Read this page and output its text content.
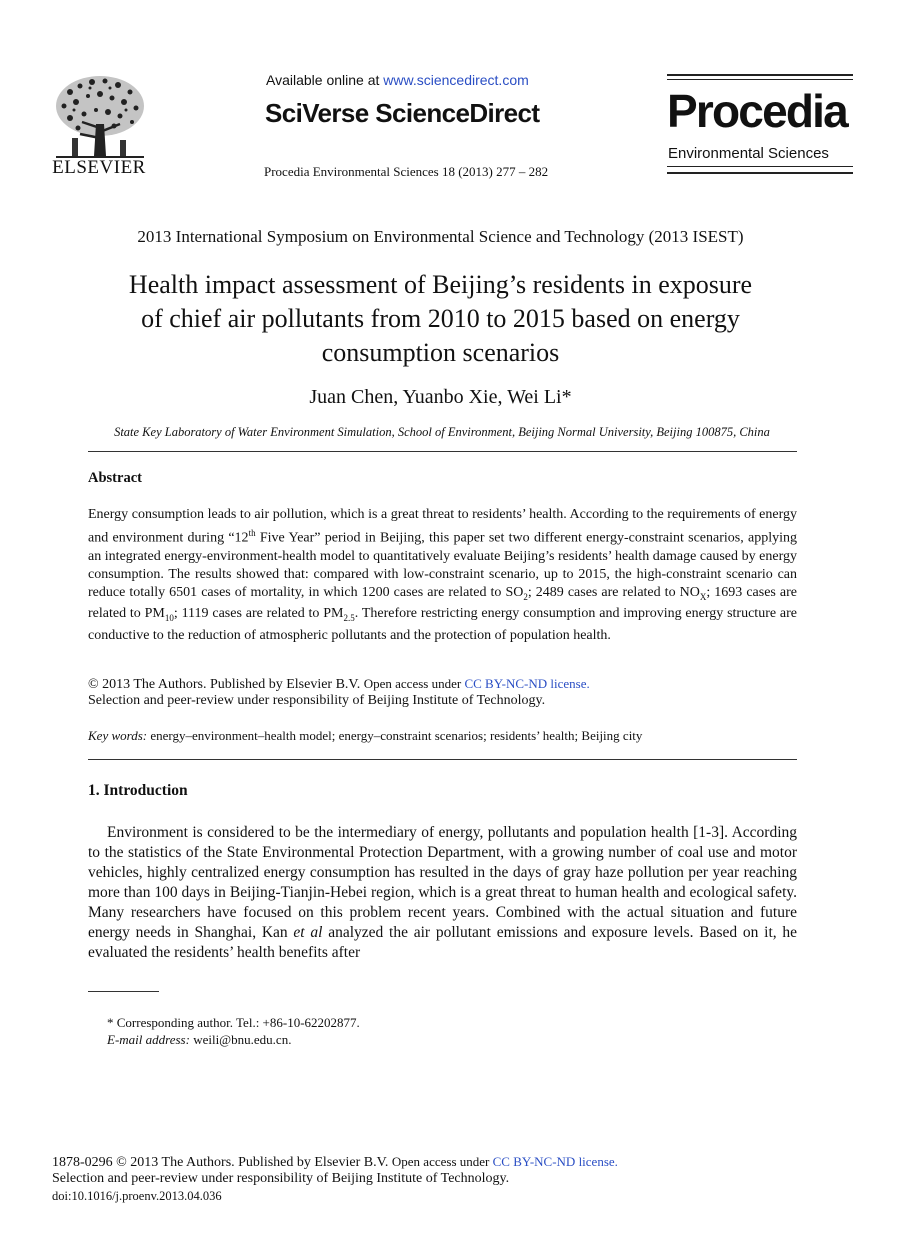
ELSEVIER
Available online at www.sciencedirect.com
SciVerse ScienceDirect
Procedia Environmental Sciences 18 (2013) 277 – 282
Procedia
Environmental Sciences
2013 International Symposium on Environmental Science and Technology (2013 ISEST)
Health impact assessment of Beijing’s residents in exposure
of chief air pollutants from 2010 to 2015 based on energy
consumption scenarios
Juan Chen, Yuanbo Xie, Wei Li*
State Key Laboratory of Water Environment Simulation, School of Environment, Beijing Normal University, Beijing 100875, China
Abstract
Energy consumption leads to air pollution, which is a great threat to residents’ health. According to the requirements of energy and environment during “12th Five Year” period in Beijing, this paper set two different energy-constraint scenarios, applying an integrated energy-environment-health model to quantitatively evaluate Beijing’s residents’ health damage caused by energy consumption. The results showed that: compared with low-constraint scenario, up to 2015, the high-constraint scenario can reduce totally 6501 cases of mortality, in which 1200 cases are related to $SO_2$; 2489 cases are related to $NO_X$; 1693 cases are related to $PM_{10}$; 1119 cases are related to $PM_{2.5}$. Therefore restricting energy consumption and improving energy structure are conductive to the reduction of atmospheric pollutants and the protection of population health.
© 2013 The Authors. Published by Elsevier B.V. Open access under CC BY-NC-ND license.
Selection and peer-review under responsibility of Beijing Institute of Technology.
Key words: energy–environment–health model; energy–constraint scenarios; residents’ health; Beijing city
1. Introduction
Environment is considered to be the intermediary of energy, pollutants and population health [1-3]. According to the statistics of the State Environmental Protection Department, with a growing number of coal use and motor vehicles, highly centralized energy consumption has resulted in the days of gray haze pollution per year reaching more than 100 days in Beijing-Tianjin-Hebei region, which is a great threat to human health and ecological safety. Many researchers have focused on this problem recent years. Combined with the actual situation and future energy needs in Shanghai, Kan et al analyzed the air pollutant emissions and exposure levels. Based on it, he evaluated the residents’ health benefits after
* Corresponding author. Tel.: +86-10-62202877.
E-mail address: weili@bnu.edu.cn.
1878-0296 © 2013 The Authors. Published by Elsevier B.V. Open access under CC BY-NC-ND license.
Selection and peer-review under responsibility of Beijing Institute of Technology.
doi:10.1016/j.proenv.2013.04.036
